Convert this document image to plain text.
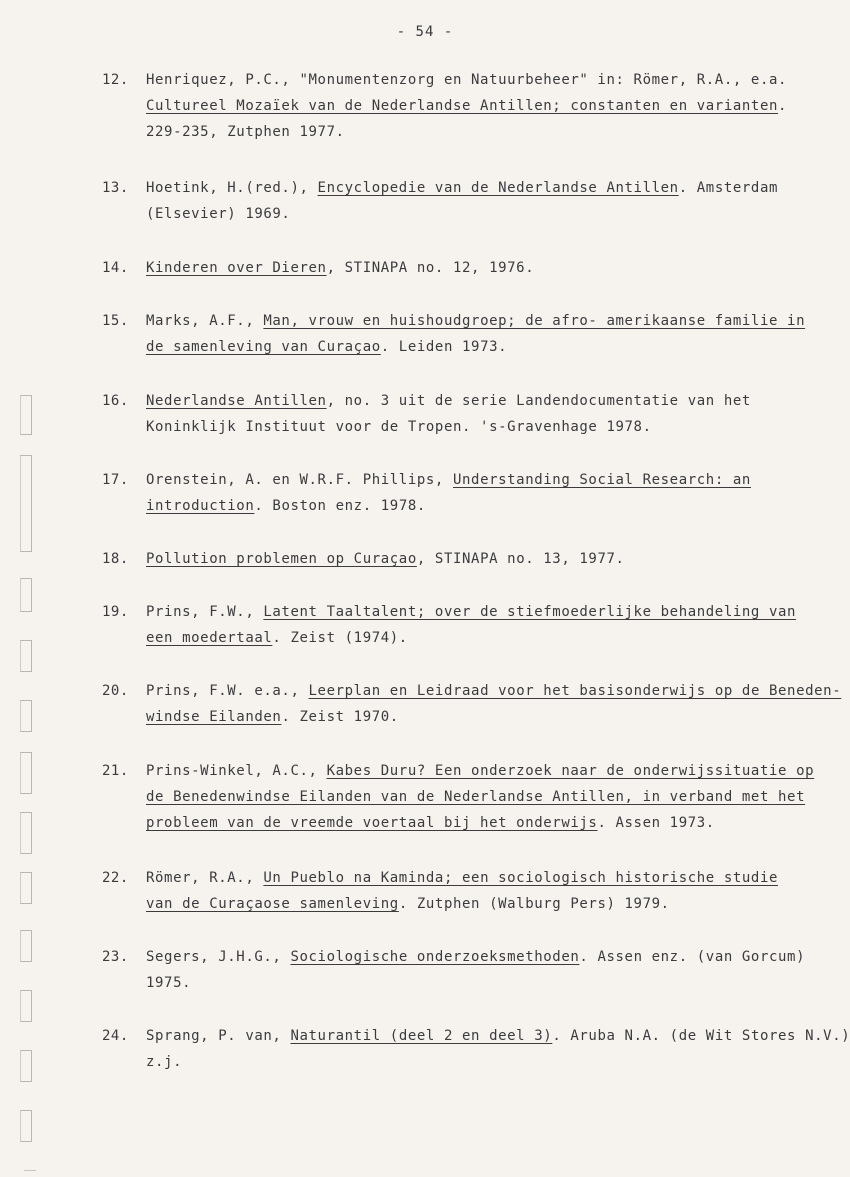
- 54 -
12. Henriquez, P.C., "Monumentenzorg en Natuurbeheer" in: Römer, R.A., e.a.
Cultureel Mozaïek van de Nederlandse Antillen; constanten en varianten.
229-235, Zutphen 1977.
13. Hoetink, H.(red.), Encyclopedie van de Nederlandse Antillen. Amsterdam
(Elsevier) 1969.
14. Kinderen over Dieren, STINAPA no. 12, 1976.
15. Marks, A.F., Man, vrouw en huishoudgroep; de afro- amerikaanse familie in
de samenleving van Curaçao. Leiden 1973.
16. Nederlandse Antillen, no. 3 uit de serie Landendocumentatie van het
Koninklijk Instituut voor de Tropen. 's-Gravenhage 1978.
17. Orenstein, A. en W.R.F. Phillips, Understanding Social Research: an
introduction. Boston enz. 1978.
18. Pollution problemen op Curaçao, STINAPA no. 13, 1977.
19. Prins, F.W., Latent Taaltalent; over de stiefmoederlijke behandeling van
een moedertaal. Zeist (1974).
20. Prins, F.W. e.a., Leerplan en Leidraad voor het basisonderwijs op de Beneden-
windse Eilanden. Zeist 1970.
21. Prins-Winkel, A.C., Kabes Duru? Een onderzoek naar de onderwijssituatie op
de Benedenwindse Eilanden van de Nederlandse Antillen, in verband met het
probleem van de vreemde voertaal bij het onderwijs. Assen 1973.
22. Römer, R.A., Un Pueblo na Kaminda; een sociologisch historische studie
van de Curaçaose samenleving. Zutphen (Walburg Pers) 1979.
23. Segers, J.H.G., Sociologische onderzoeksmethoden. Assen enz. (van Gorcum)
1975.
24. Sprang, P. van, Naturantil (deel 2 en deel 3). Aruba N.A. (de Wit Stores N.V.)
z.j.
